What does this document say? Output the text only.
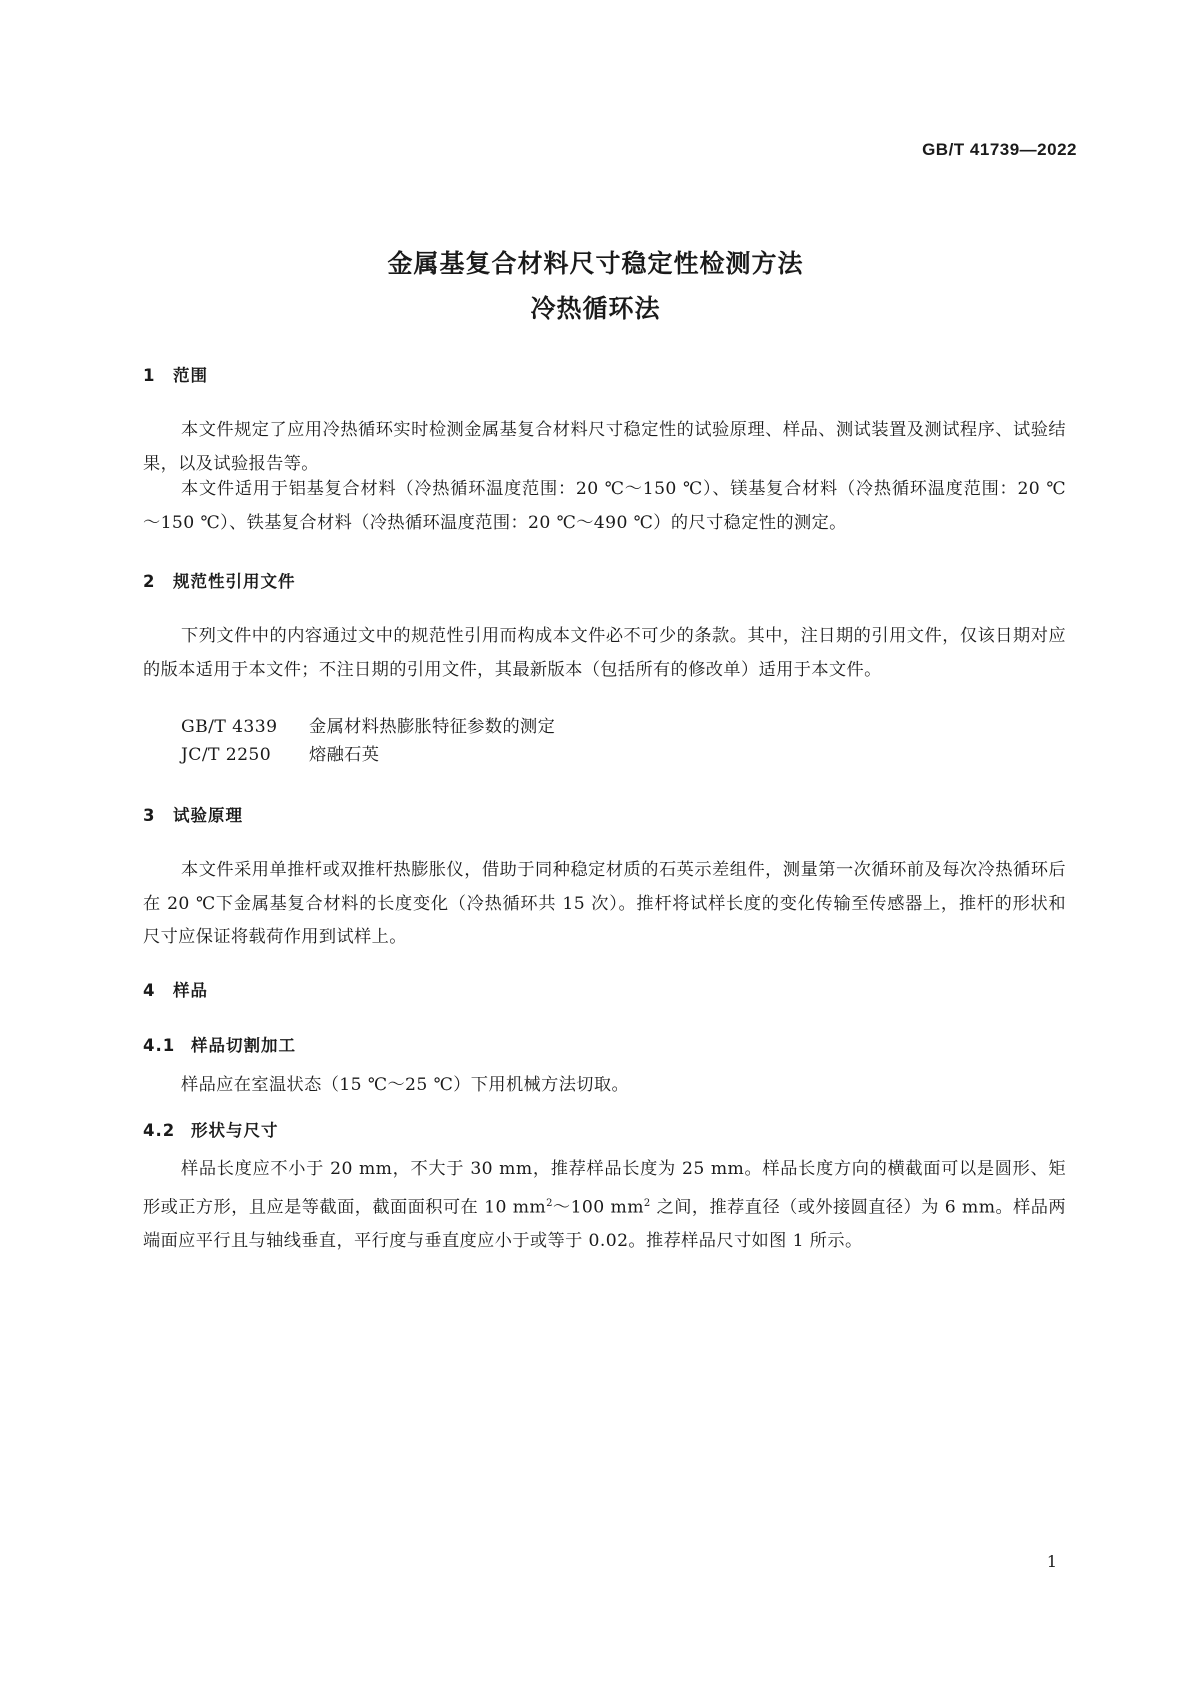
GB/T 41739—2022
金属基复合材料尺寸稳定性检测方法
冷热循环法
1 范围
本文件规定了应用冷热循环实时检测金属基复合材料尺寸稳定性的试验原理、样品、测试装置及测试程序、试验结果，以及试验报告等。
本文件适用于铝基复合材料（冷热循环温度范围：20 ℃～150 ℃）、镁基复合材料（冷热循环温度范围：20 ℃～150 ℃）、铁基复合材料（冷热循环温度范围：20 ℃～490 ℃）的尺寸稳定性的测定。
2 规范性引用文件
下列文件中的内容通过文中的规范性引用而构成本文件必不可少的条款。其中，注日期的引用文件，仅该日期对应的版本适用于本文件；不注日期的引用文件，其最新版本（包括所有的修改单）适用于本文件。
GB/T 4339 金属材料热膨胀特征参数的测定
JC/T 2250 熔融石英
3 试验原理
本文件采用单推杆或双推杆热膨胀仪，借助于同种稳定材质的石英示差组件，测量第一次循环前及每次冷热循环后在 20 ℃下金属基复合材料的长度变化（冷热循环共 15 次）。推杆将试样长度的变化传输至传感器上，推杆的形状和尺寸应保证将载荷作用到试样上。
4 样品
4.1 样品切割加工
样品应在室温状态（15 ℃～25 ℃）下用机械方法切取。
4.2 形状与尺寸
样品长度应不小于 20 mm，不大于 30 mm，推荐样品长度为 25 mm。样品长度方向的横截面可以是圆形、矩形或正方形，且应是等截面，截面面积可在 10 $mm^2\sim 100$ $mm^2$ 之间，推荐直径（或外接圆直径）为 6 mm。样品两端面应平行且与轴线垂直，平行度与垂直度应小于或等于 0.02。推荐样品尺寸如图 1 所示。
1
